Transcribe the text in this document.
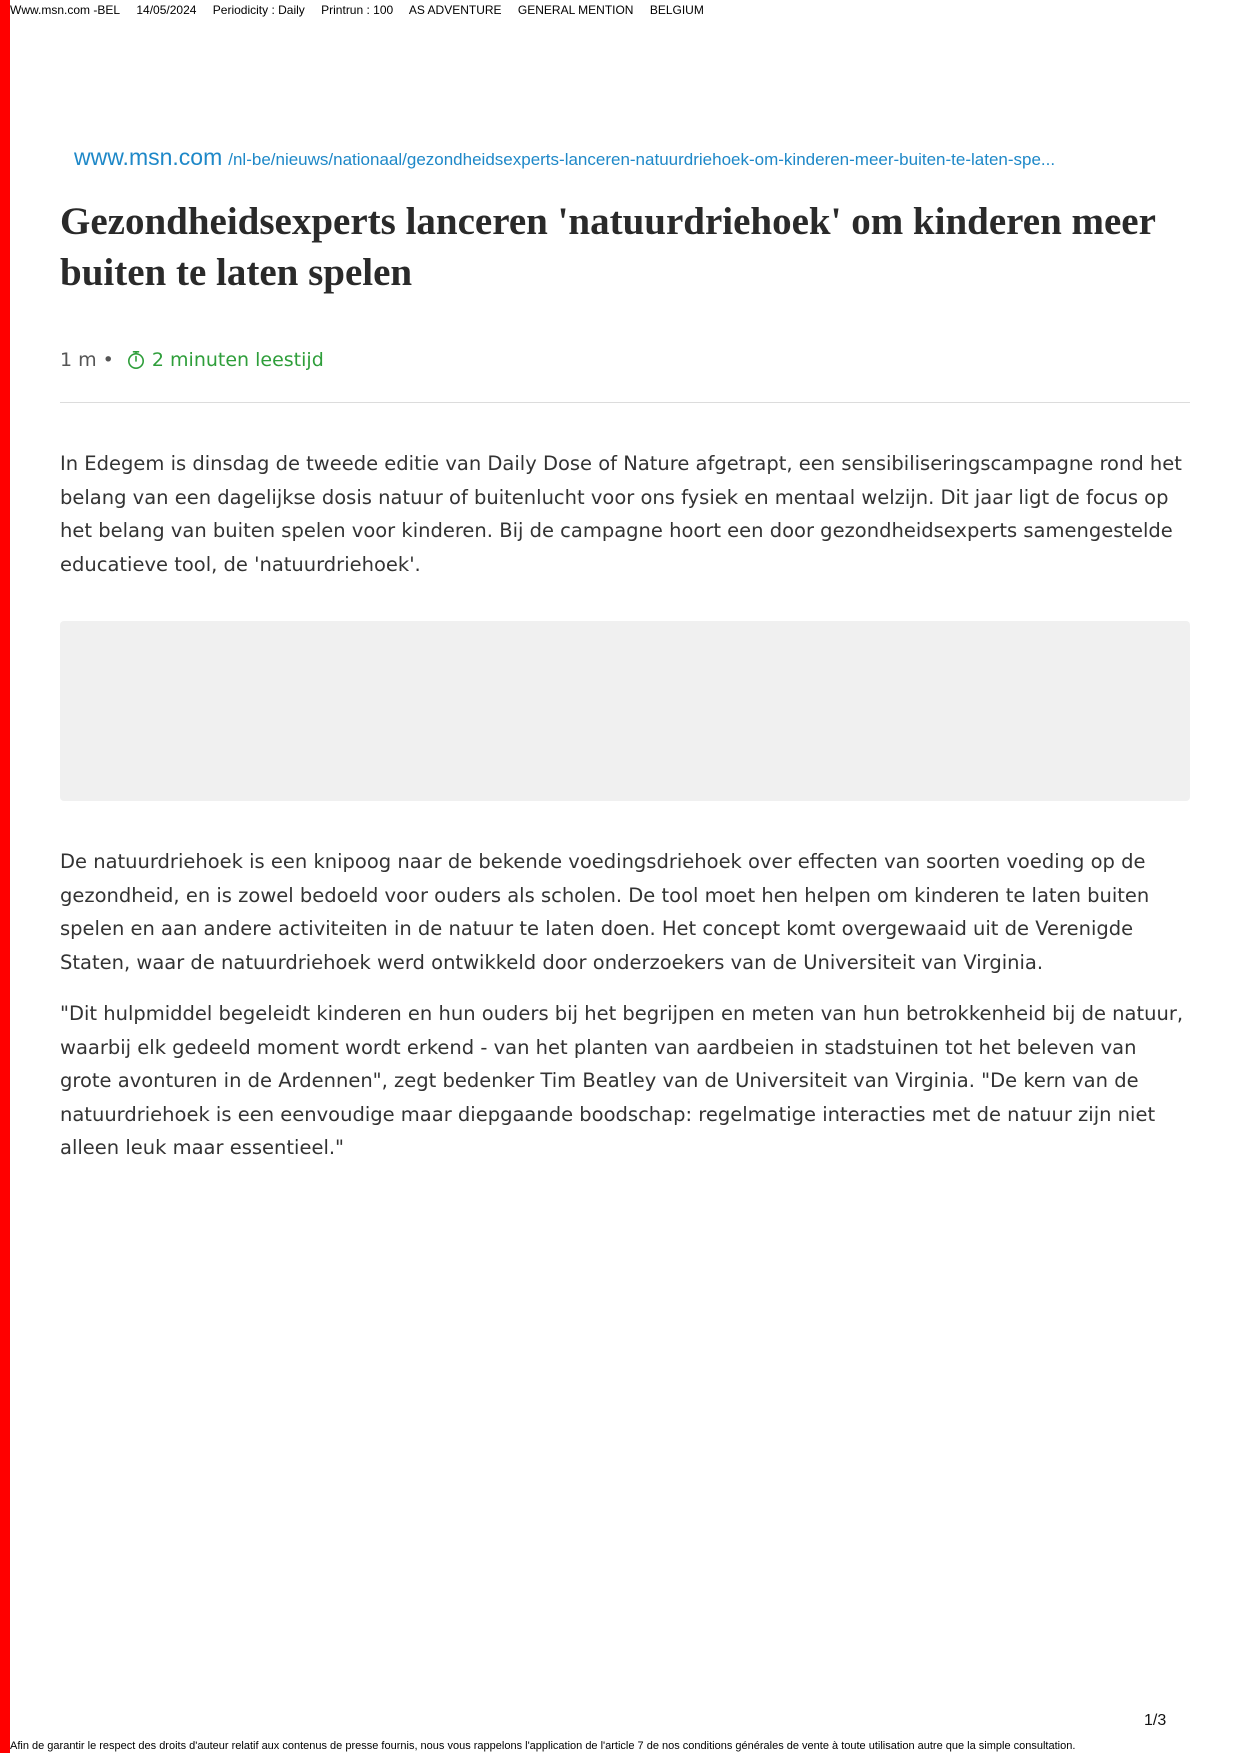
Www.msn.com -BEL 14/05/2024 Periodicity : Daily Printrun : 100 AS ADVENTURE GENERAL MENTION BELGIUM
www.msn.com /nl-be/nieuws/nationaal/gezondheidsexperts-lanceren-natuurdriehoek-om-kinderen-meer-buiten-te-laten-spe...
Gezondheidsexperts lanceren 'natuurdriehoek' om kinderen meer buiten te laten spelen
1 m • 2 minuten leestijd

In Edegem is dinsdag de tweede editie van Daily Dose of Nature afgetrapt, een sensibiliseringscampagne rond het belang van een dagelijkse dosis natuur of buitenlucht voor ons fysiek en mentaal welzijn. Dit jaar ligt de focus op het belang van buiten spelen voor kinderen. Bij de campagne hoort een door gezondheidsexperts samengestelde educatieve tool, de 'natuurdriehoek'.

De natuurdriehoek is een knipoog naar de bekende voedingsdriehoek over effecten van soorten voeding op de gezondheid, en is zowel bedoeld voor ouders als scholen. De tool moet hen helpen om kinderen te laten buiten spelen en aan andere activiteiten in de natuur te laten doen. Het concept komt overgewaaid uit de Verenigde Staten, waar de natuurdriehoek werd ontwikkeld door onderzoekers van de Universiteit van Virginia.

"Dit hulpmiddel begeleidt kinderen en hun ouders bij het begrijpen en meten van hun betrokkenheid bij de natuur, waarbij elk gedeeld moment wordt erkend - van het planten van aardbeien in stadstuinen tot het beleven van grote avonturen in de Ardennen", zegt bedenker Tim Beatley van de Universiteit van Virginia. "De kern van de natuurdriehoek is een eenvoudige maar diepgaande boodschap: regelmatige interacties met de natuur zijn niet alleen leuk maar essentieel."

1/3
Afin de garantir le respect des droits d'auteur relatif aux contenus de presse fournis, nous vous rappelons l'application de l'article 7 de nos conditions générales de vente à toute utilisation autre que la simple consultation.
